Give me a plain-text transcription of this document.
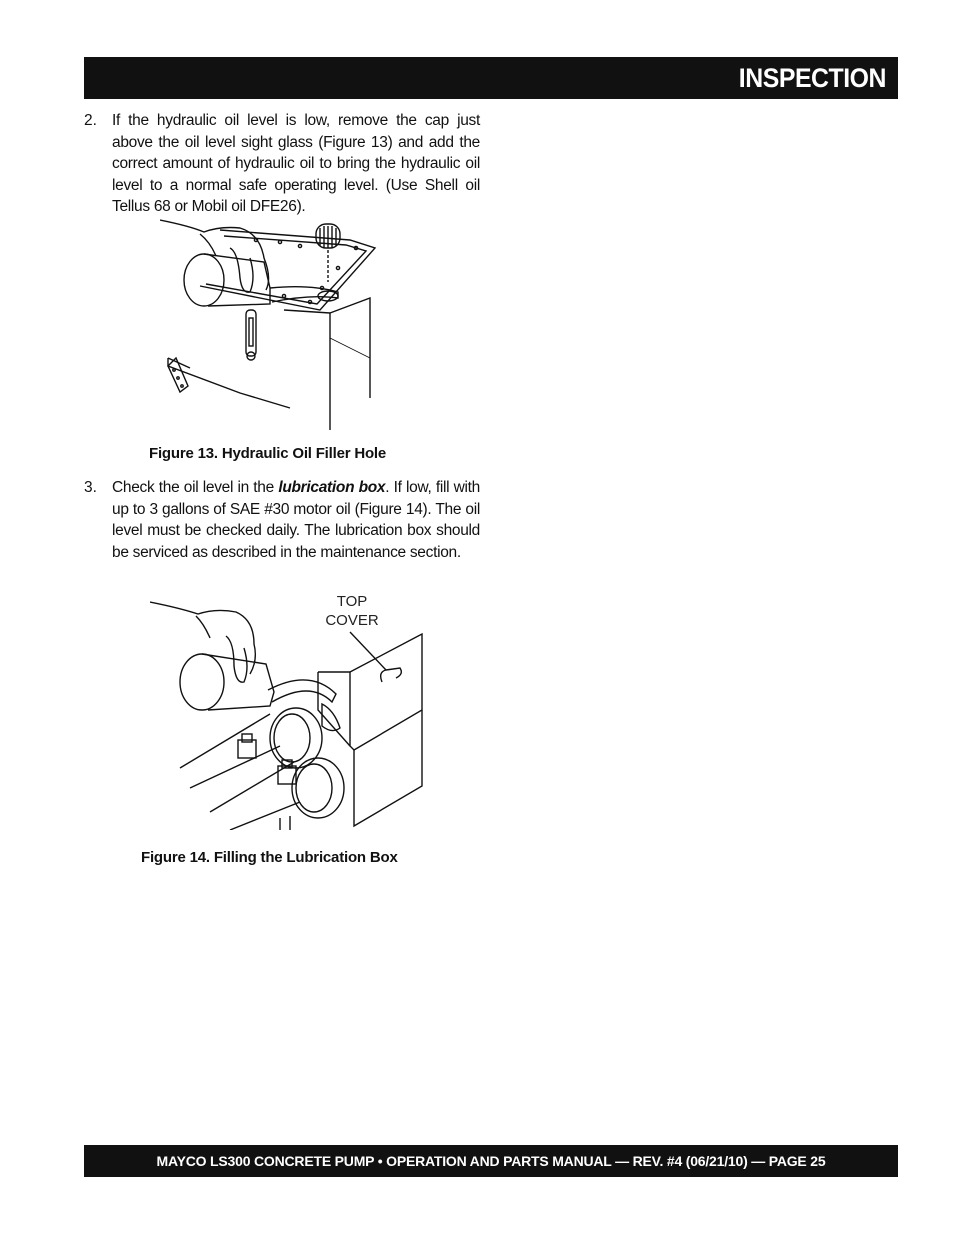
INSPECTION
2. If the hydraulic oil level is low, remove the cap just above the oil level sight glass (Figure 13) and add the correct amount of hydraulic oil to bring the hydraulic oil level to a normal safe operating level. (Use Shell oil Tellus 68 or Mobil oil DFE26).
Figure 13. Hydraulic Oil Filler Hole
3. Check the oil level in the lubrication box. If low, fill with up to 3 gallons of SAE #30 motor oil (Figure 14). The oil level must be checked daily. The lubrication box should be serviced as described in the maintenance section.
TOP
COVER
Figure 14. Filling the Lubrication Box
MAYCO LS300 CONCRETE PUMP • OPERATION AND PARTS MANUAL — REV. #4 (06/21/10) — PAGE 25
